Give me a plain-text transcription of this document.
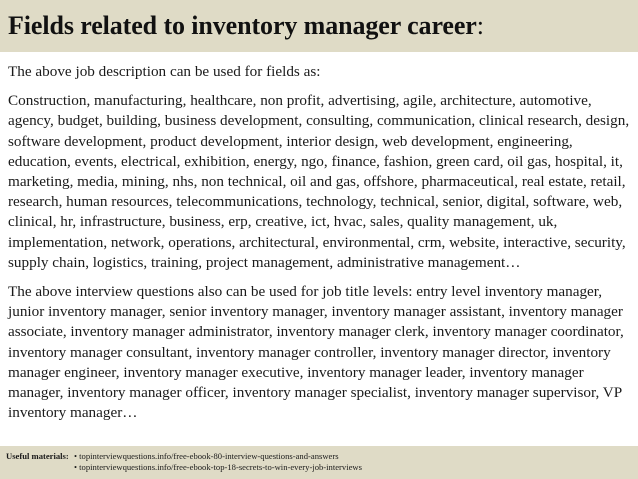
Fields related to inventory manager career:

The above job description can be used for fields as:

Construction, manufacturing, healthcare, non profit, advertising, agile, architecture, automotive, agency, budget, building, business development, consulting, communication, clinical research, design, software development, product development, interior design, web development, engineering, education, events, electrical, exhibition, energy, ngo, finance, fashion, green card, oil gas, hospital, it, marketing, media, mining, nhs, non technical, oil and gas, offshore, pharmaceutical, real estate, retail, research, human resources, telecommunications, technology, technical, senior, digital, software, web, clinical, hr, infrastructure, business, erp, creative, ict, hvac, sales, quality management, uk, implementation, network, operations, architectural, environmental, crm, website, interactive, security, supply chain, logistics, training, project management, administrative management…

The above interview questions also can be used for job title levels: entry level inventory manager, junior inventory manager, senior inventory manager, inventory manager assistant, inventory manager associate, inventory manager administrator, inventory manager clerk, inventory manager coordinator, inventory manager consultant, inventory manager controller, inventory manager director, inventory manager engineer, inventory manager executive, inventory manager leader, inventory manager manager, inventory manager officer, inventory manager specialist, inventory manager supervisor, VP inventory manager…

Useful materials: • topinterviewquestions.info/free-ebook-80-interview-questions-and-answers
• topinterviewquestions.info/free-ebook-top-18-secrets-to-win-every-job-interviews
